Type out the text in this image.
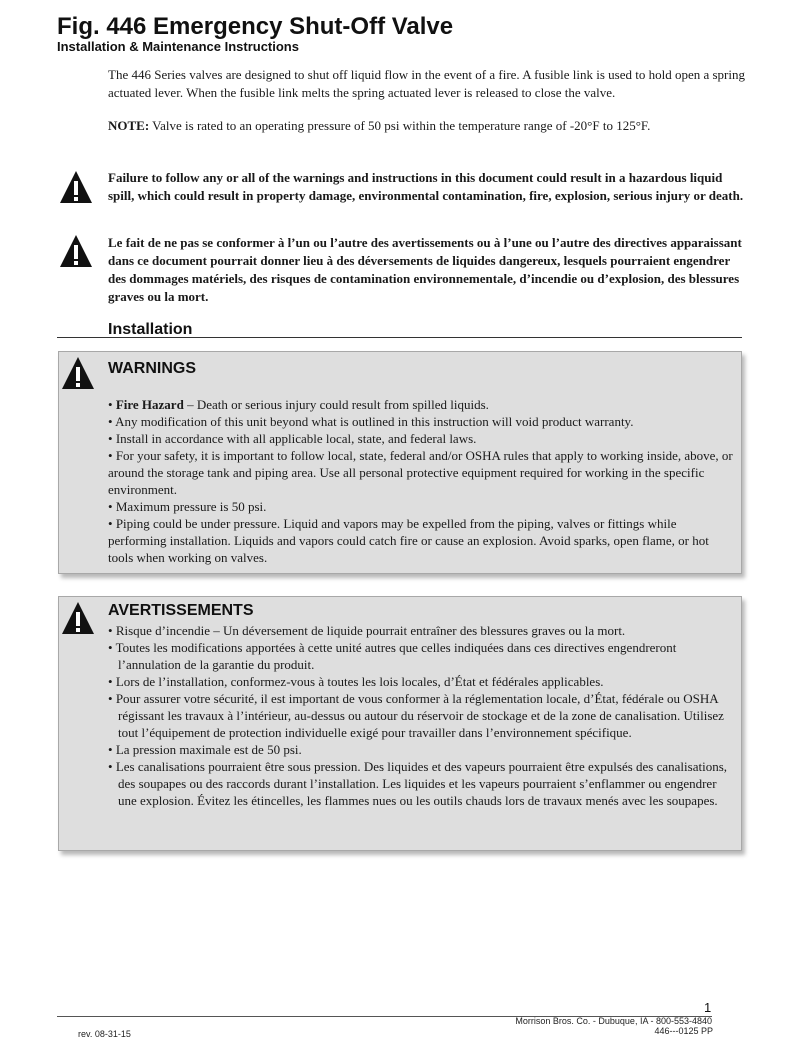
Fig. 446 Emergency Shut-Off Valve
Installation & Maintenance Instructions

The 446 Series valves are designed to shut off liquid flow in the event of a fire. A fusible link is used to hold open a spring actuated lever. When the fusible link melts the spring actuated lever is released to close the valve.

NOTE: Valve is rated to an operating pressure of 50 psi within the temperature range of -20°F to 125°F.

Failure to follow any or all of the warnings and instructions in this document could result in a hazardous liquid spill, which could result in property damage, environmental contamination, fire, explosion, serious injury or death.

Le fait de ne pas se conformer à l’un ou l’autre des avertissements ou à l’une ou l’autre des directives apparaissant dans ce document pourrait donner lieu à des déversements de liquides dangereux, lesquels pourraient engendrer des dommages matériels, des risques de contamination environnementale, d’incendie ou d’explosion, des blessures graves ou la mort.

Installation
WARNINGS
• Fire Hazard – Death or serious injury could result from spilled liquids.
• Any modification of this unit beyond what is outlined in this instruction will void product warranty.
• Install in accordance with all applicable local, state, and federal laws.
• For your safety, it is important to follow local, state, federal and/or OSHA rules that apply to working inside, above, or around the storage tank and piping area. Use all personal protective equipment required for working in the specific environment.
• Maximum pressure is 50 psi.
• Piping could be under pressure. Liquid and vapors may be expelled from the piping, valves or fittings while performing installation. Liquids and vapors could catch fire or cause an explosion. Avoid sparks, open flame, or hot tools when working on valves.
AVERTISSEMENTS
• Risque d’incendie – Un déversement de liquide pourrait entraîner des blessures graves ou la mort.
• Toutes les modifications apportées à cette unité autres que celles indiquées dans ces directives engendreront l’annulation de la garantie du produit.
• Lors de l’installation, conformez-vous à toutes les lois locales, d’État et fédérales applicables.
• Pour assurer votre sécurité, il est important de vous conformer à la réglementation locale, d’État, fédérale ou OSHA régissant les travaux à l’intérieur, au-dessus ou autour du réservoir de stockage et de la zone de canalisation. Utilisez tout l’équipement de protection individuelle exigé pour travailler dans l’environnement spécifique.
• La pression maximale est de 50 psi.
• Les canalisations pourraient être sous pression. Des liquides et des vapeurs pourraient être expulsés des canalisations, des soupapes ou des raccords durant l’installation. Les liquides et les vapeurs pourraient s’enflammer ou engendrer une explosion. Évitez les étincelles, les flammes nues ou les outils chauds lors de travaux menés avec les soupapes.
1
Morrison Bros. Co. - Dubuque, IA - 800-553-4840
446---0125 PP
rev. 08-31-15
